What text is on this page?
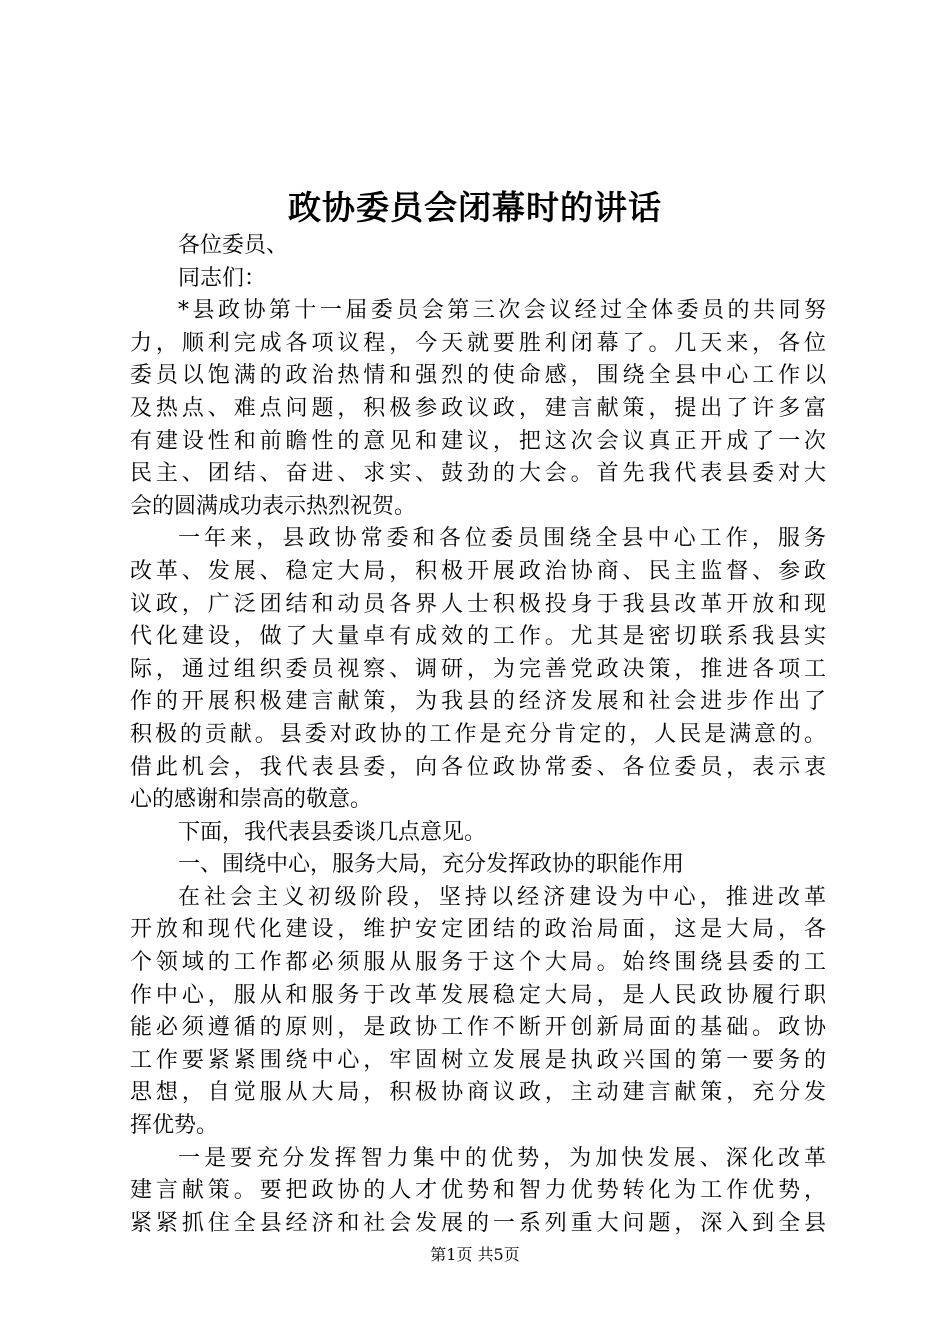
政协委员会闭幕时的讲话
各位委员、
同志们：
*县政协第十一届委员会第三次会议经过全体委员的共同努
力，顺利完成各项议程，今天就要胜利闭幕了。几天来，各位
委员以饱满的政治热情和强烈的使命感，围绕全县中心工作以
及热点、难点问题，积极参政议政，建言献策，提出了许多富
有建设性和前瞻性的意见和建议，把这次会议真正开成了一次
民主、团结、奋进、求实、鼓劲的大会。首先我代表县委对大
会的圆满成功表示热烈祝贺。
一年来，县政协常委和各位委员围绕全县中心工作，服务
改革、发展、稳定大局，积极开展政治协商、民主监督、参政
议政，广泛团结和动员各界人士积极投身于我县改革开放和现
代化建设，做了大量卓有成效的工作。尤其是密切联系我县实
际，通过组织委员视察、调研，为完善党政决策，推进各项工
作的开展积极建言献策，为我县的经济发展和社会进步作出了
积极的贡献。县委对政协的工作是充分肯定的，人民是满意的。
借此机会，我代表县委，向各位政协常委、各位委员，表示衷
心的感谢和崇高的敬意。
下面，我代表县委谈几点意见。
一、围绕中心，服务大局，充分发挥政协的职能作用
在社会主义初级阶段，坚持以经济建设为中心，推进改革
开放和现代化建设，维护安定团结的政治局面，这是大局，各
个领域的工作都必须服从服务于这个大局。始终围绕县委的工
作中心，服从和服务于改革发展稳定大局，是人民政协履行职
能必须遵循的原则，是政协工作不断开创新局面的基础。政协
工作要紧紧围绕中心，牢固树立发展是执政兴国的第一要务的
思想，自觉服从大局，积极协商议政，主动建言献策，充分发
挥优势。
一是要充分发挥智力集中的优势，为加快发展、深化改革
建言献策。要把政协的人才优势和智力优势转化为工作优势，
紧紧抓住全县经济和社会发展的一系列重大问题，深入到全县
第1页 共5页
